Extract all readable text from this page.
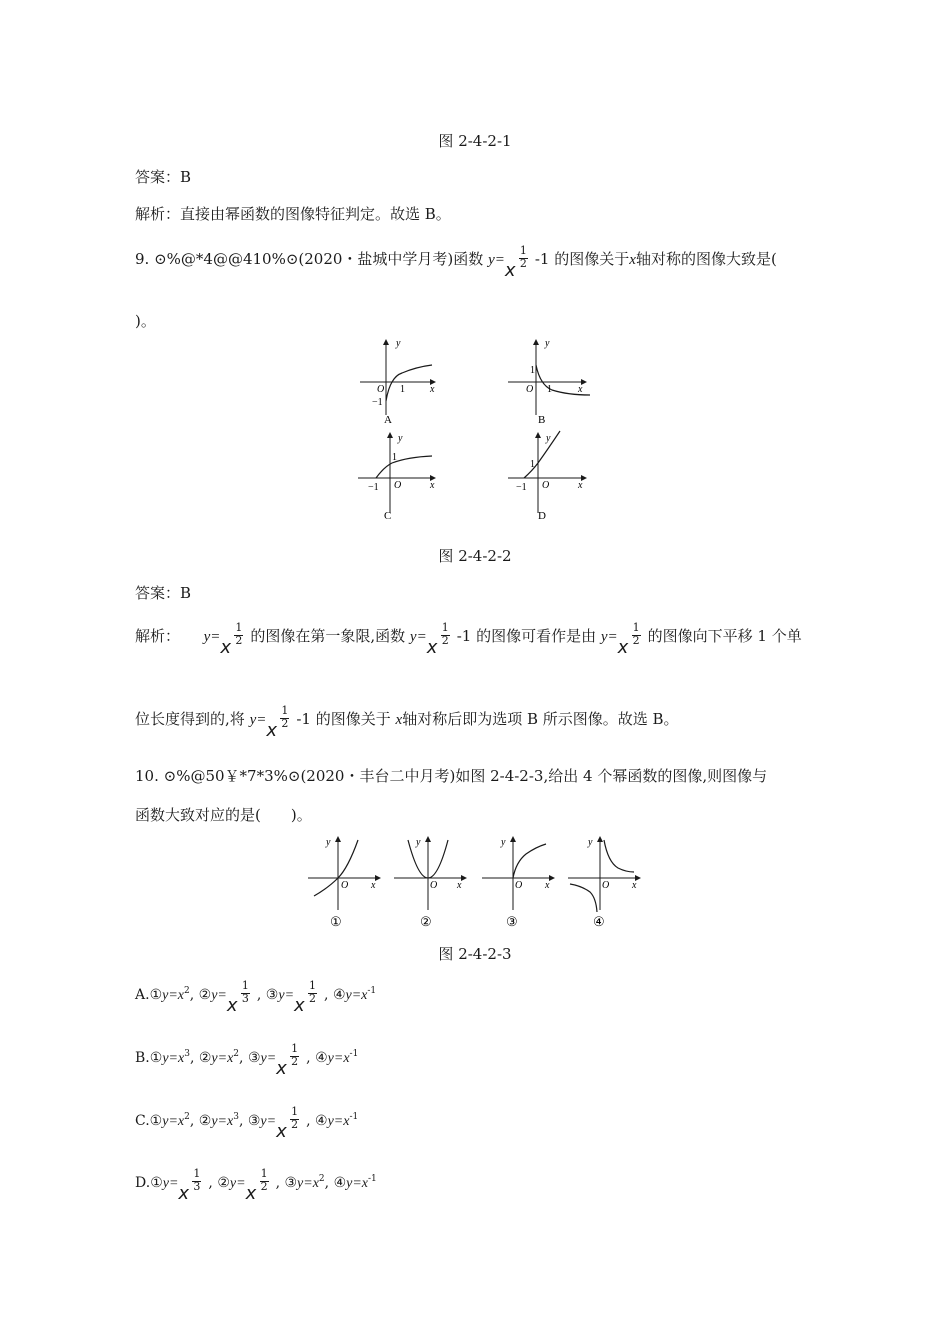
图 2-4-2-1
答案：B
解析：直接由幂函数的图像特征判定。故选 B。
9. ⊙%@*4@@410%⊙(2020・盐城中学月考)函数 y=
1
2
x
-1 的图像关于x轴对称的图像大致是(
)。
y
x
O 1
−1
A
y
x
O 1
1
B
y
x
O
−1
1
C
y
x
O
−1
1
D
图 2-4-2-2
答案：B
解析： y=
1
2
x
的图像在第一象限,函数 y=
1
2
x
-1 的图像可看作是由 y=
1
2
x
的图像向下平移 1 个单
位长度得到的,将 y=
1
2
x
-1 的图像关于 x轴对称后即为选项 B 所示图像。故选 B。
10. ⊙%@50￥*7*3%⊙(2020・丰台二中月考)如图 2-4-2-3,给出 4 个幂函数的图像,则图像与
函数大致对应的是(　　)。
y
x
O
①
y
x
O
②
y
x
O
③
y
x
O
④
图 2-4-2-3
$A.①y=x^2$, ②y=
1
3
x , ③y=
1
2
x , $④y=x^{-1}$
$B.①y=x^3$, $②y=x^2$, ③y=
1
2
x , $④y=x^{-1}$
$C.①y=x^2$, $②y=x^3$, ③y=
1
2
x , $④y=x^{-1}$
D.①y=
1
3
x , ②y=
1
2
x , $③y=x^2$, $④y=x^{-1}$
